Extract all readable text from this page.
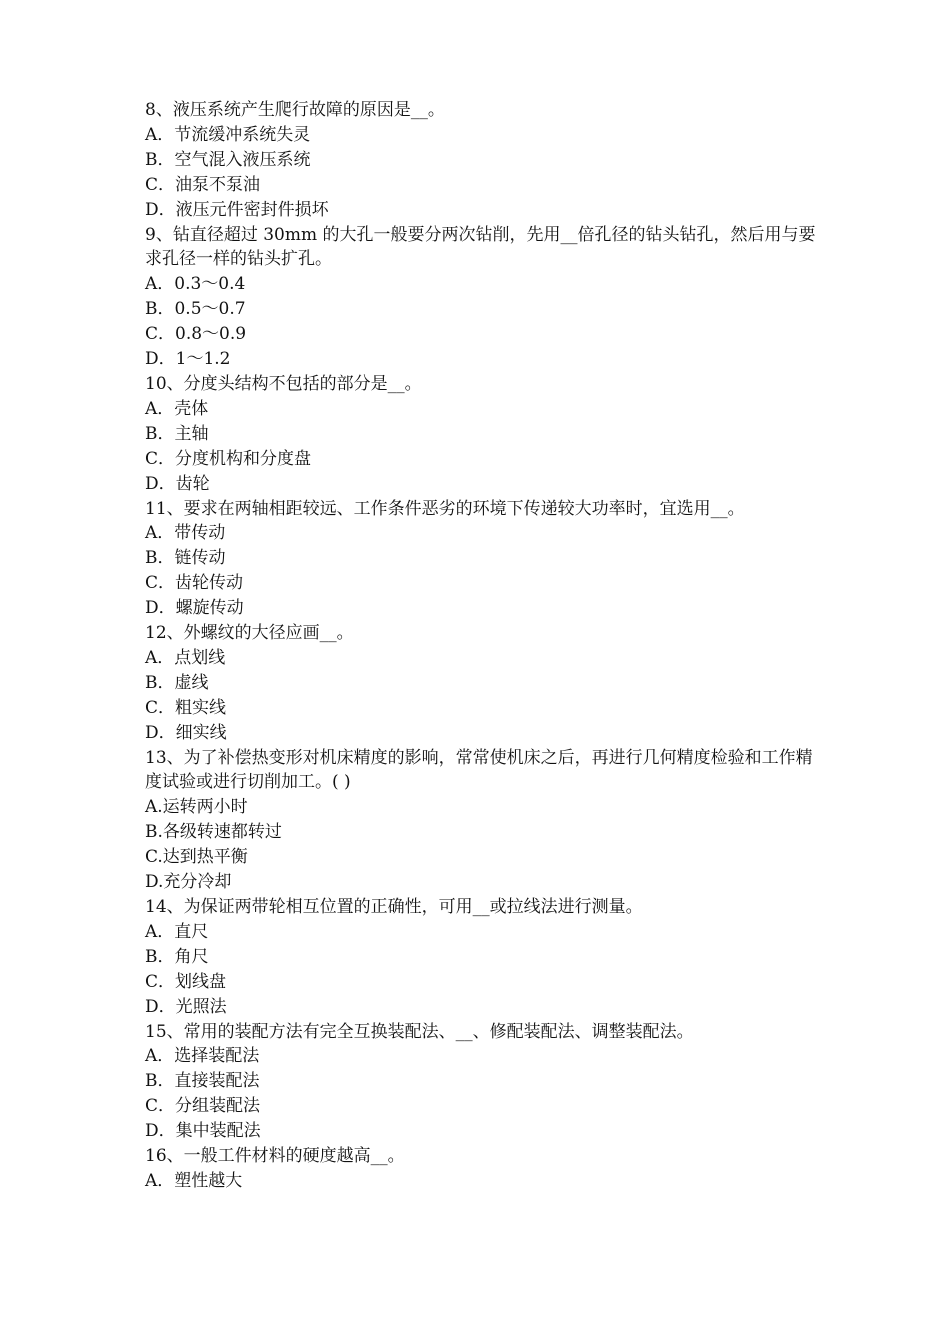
8、液压系统产生爬行故障的原因是__。
A．节流缓冲系统失灵
B．空气混入液压系统
C．油泵不泵油
D．液压元件密封件损坏
9、钻直径超过 30mm 的大孔一般要分两次钻削，先用__倍孔径的钻头钻孔，然后用与要求孔径一样的钻头扩孔。
A．0.3～0.4
B．0.5～0.7
C．0.8～0.9
D．1～1.2
10、分度头结构不包括的部分是__。
A．壳体
B．主轴
C．分度机构和分度盘
D．齿轮
11、要求在两轴相距较远、工作条件恶劣的环境下传递较大功率时，宜选用__。
A．带传动
B．链传动
C．齿轮传动
D．螺旋传动
12、外螺纹的大径应画__。
A．点划线
B．虚线
C．粗实线
D．细实线
13、为了补偿热变形对机床精度的影响，常常使机床之后，再进行几何精度检验和工作精度试验或进行切削加工。( )
A.运转两小时
B.各级转速都转过
C.达到热平衡
D.充分冷却
14、为保证两带轮相互位置的正确性，可用__或拉线法进行测量。
A．直尺
B．角尺
C．划线盘
D．光照法
15、常用的装配方法有完全互换装配法、__、修配装配法、调整装配法。
A．选择装配法
B．直接装配法
C．分组装配法
D．集中装配法
16、一般工件材料的硬度越高__。
A．塑性越大
